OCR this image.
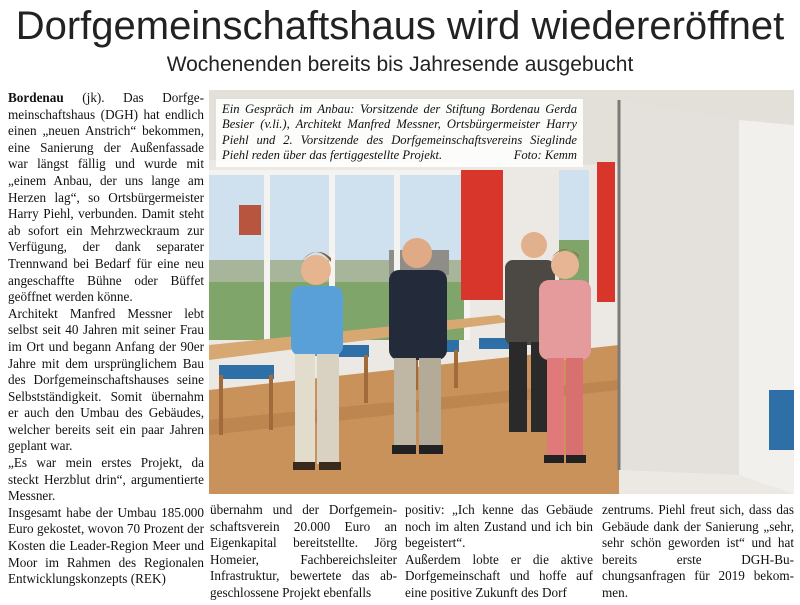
Dorfgemeinschaftshaus wird wiedereröffnet
Wochenenden bereits bis Jahresende ausgebucht

Bordenau (jk). Das Dorfgemeinschaftshaus (DGH) hat endlich einen „neuen Anstrich“ bekommen, eine Sanierung der Außenfassade war längst fällig und wurde mit „einem Anbau, der uns lange am Herzen lag“, so Ortsbürgermeister Harry Piehl, verbunden. Damit steht ab sofort ein Mehrzweckraum zur Verfügung, der dank separater Trennwand bei Bedarf für eine neu angeschaffte Bühne oder Büffet geöffnet werden könne.

Architekt Manfred Messner lebt selbst seit 40 Jahren mit seiner Frau im Ort und begann Anfang der 90er Jahre mit dem ursprünglichem Bau des Dorfgemeinschaftshauses seine Selbstständigkeit. Somit übernahm er auch den Umbau des Gebäudes, welcher bereits seit ein paar Jahren geplant war.

„Es war mein erstes Projekt, da steckt Herzblut drin“, argumentierte Messner.

Insgesamt habe der Umbau 185.000 Euro gekostet, wovon 70 Prozent der Kosten die Leader-Region Meer und Moor im Rahmen des Regionalen Entwicklungskonzepts (REK)

Ein Gespräch im Anbau: Vorsitzende der Stiftung Bordenau Gerda Besier (v.li.), Architekt Manfred Messner, Ortsbürgermeister Harry Piehl und 2. Vorsitzende des Dorfgemeinschaftsvereins Sieglinde Piehl reden über das fertiggestellte Projekt.	Foto: Kemm

übernahm und der Dorfgemeinschaftsverein 20.000 Euro an Eigenkapital bereitstellte. Jörg Homeier, Fachbereichsleiter Infrastruktur, bewertete das abgeschlossene Projekt ebenfalls

positiv: „Ich kenne das Gebäude noch im alten Zustand und ich bin begeistert“.

Außerdem lobte er die aktive Dorfgemeinschaft und hoffe auf eine positive Zukunft des Dorf

zentrums. Piehl freut sich, dass das Gebäude dank der Sanierung „sehr, sehr schön geworden ist“ und hat bereits erste DGH-Buchungsanfragen für 2019 bekommen.
